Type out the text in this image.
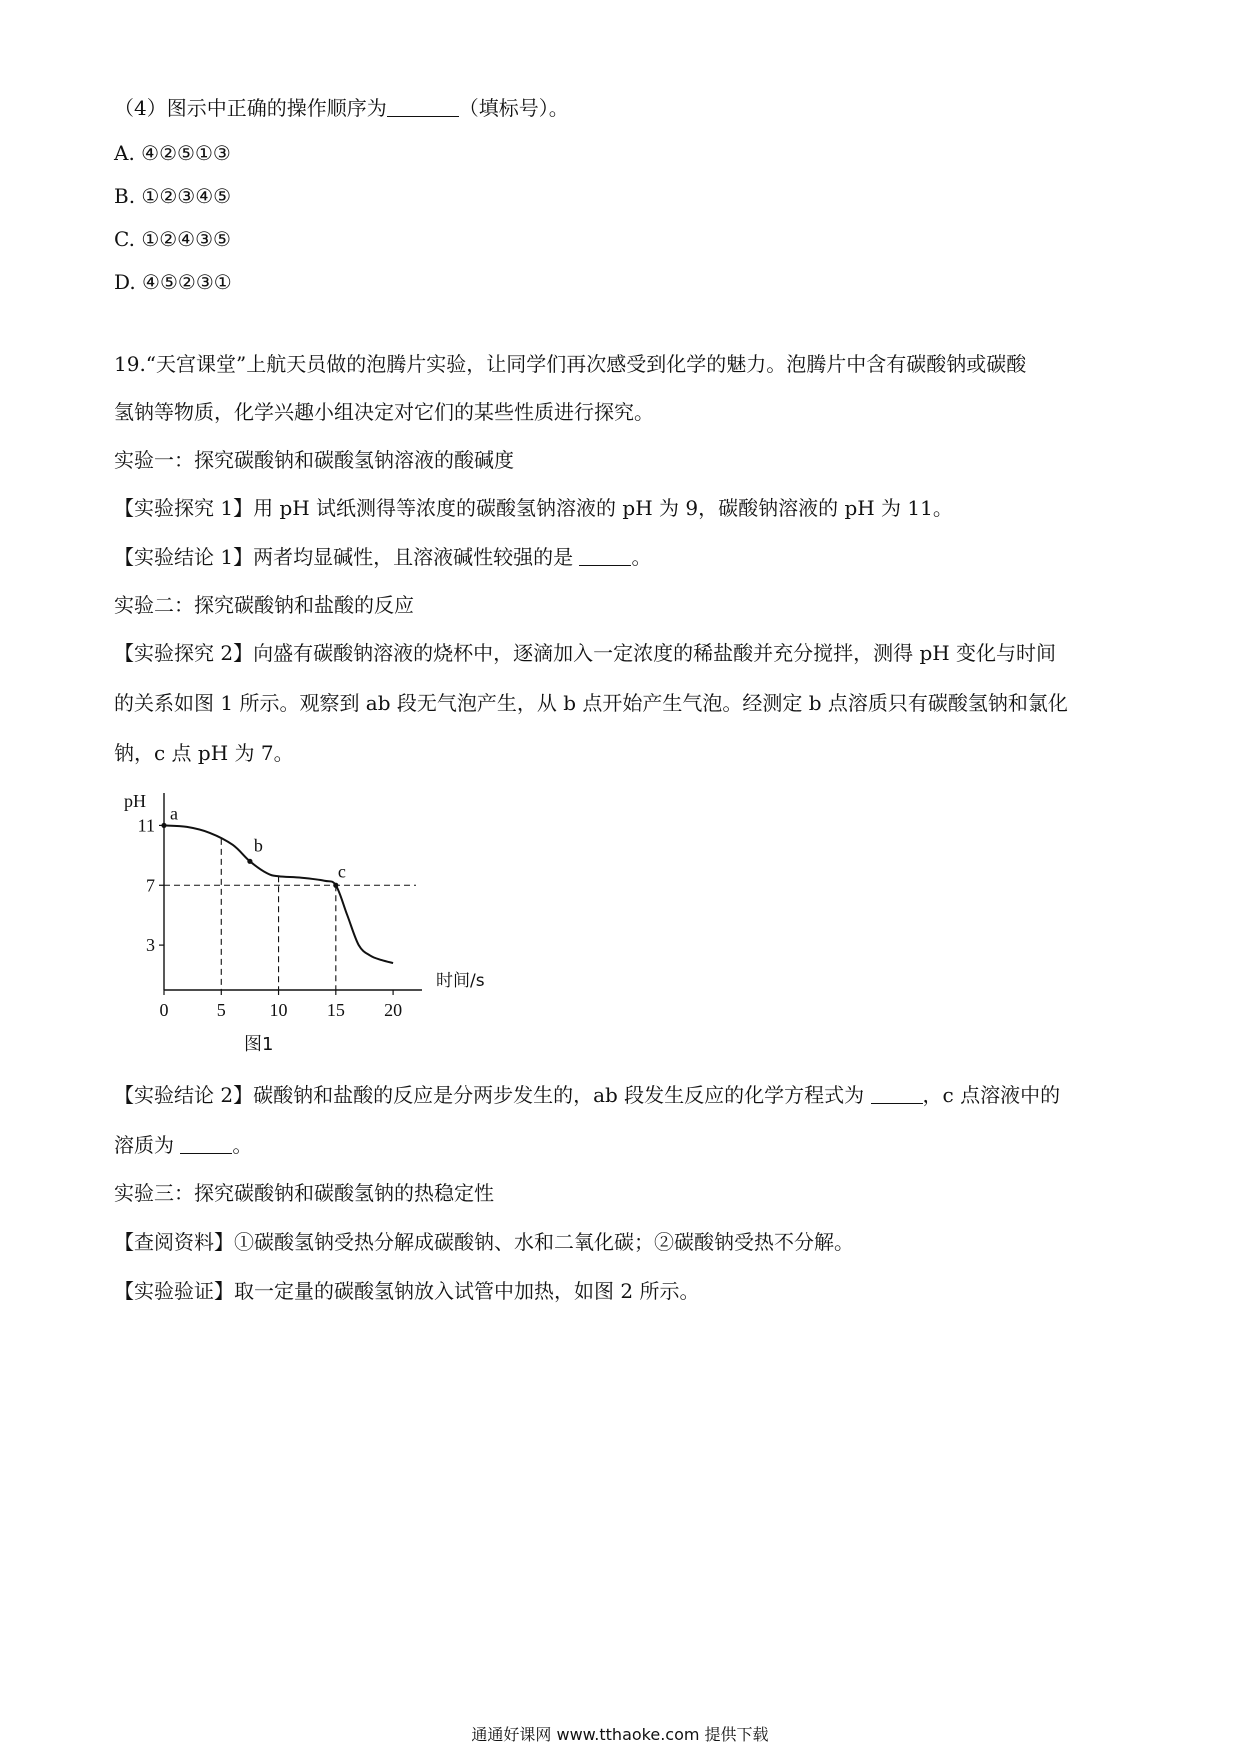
（4）图示中正确的操作顺序为	（填标号）。
A. ④②⑤①③
B. ①②③④⑤
C. ①②④③⑤
D. ④⑤②③①
19.“天宫课堂”上航天员做的泡腾片实验，让同学们再次感受到化学的魅力。泡腾片中含有碳酸钠或碳酸
氢钠等物质，化学兴趣小组决定对它们的某些性质进行探究。
实验一：探究碳酸钠和碳酸氢钠溶液的酸碱度
【实验探究 1】用 pH 试纸测得等浓度的碳酸氢钠溶液的 pH 为 9，碳酸钠溶液的 pH 为 11。
【实验结论 1】两者均显碱性，且溶液碱性较强的是	。
实验二：探究碳酸钠和盐酸的反应
【实验探究 2】向盛有碳酸钠溶液的烧杯中，逐滴加入一定浓度的稀盐酸并充分搅拌，测得 pH 变化与时间
的关系如图 1 所示。观察到 ab 段无气泡产生，从 b 点开始产生气泡。经测定 b 点溶质只有碳酸氢钠和氯化
钠，c 点 pH 为 7。
pH
时间/s
3
7
11
0	5 10 15 20
a
b
c
图1
【实验结论 2】碳酸钠和盐酸的反应是分两步发生的，ab 段发生反应的化学方程式为	，c 点溶液中的
溶质为	。
实验三：探究碳酸钠和碳酸氢钠的热稳定性
【查阅资料】①碳酸氢钠受热分解成碳酸钠、水和二氧化碳；②碳酸钠受热不分解。
【实验验证】取一定量的碳酸氢钠放入试管中加热，如图 2 所示。
通通好课网 www.tthaoke.com 提供下载
